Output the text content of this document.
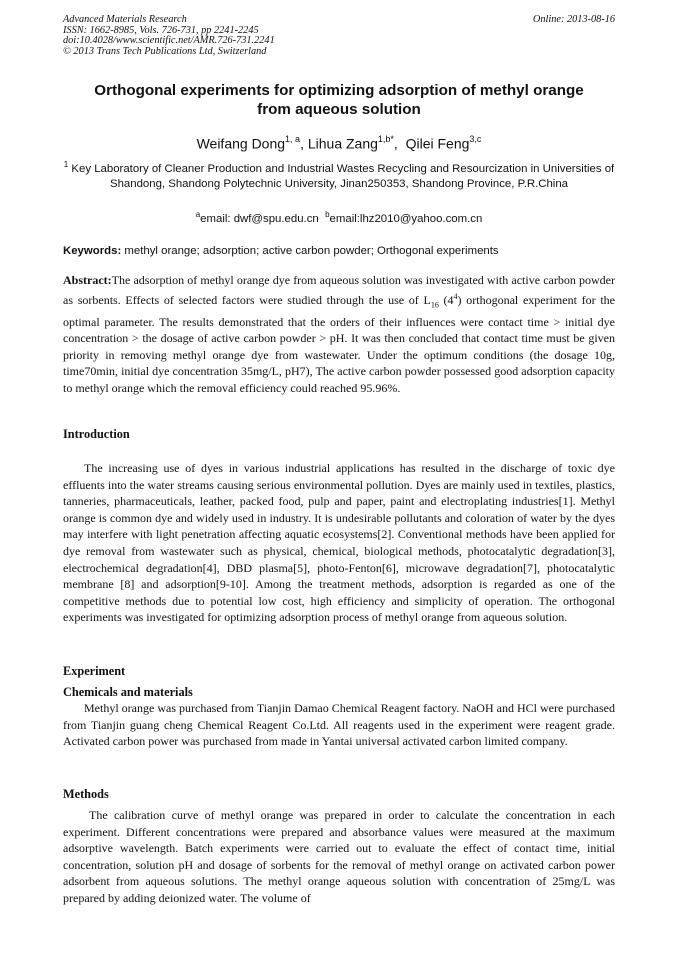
Advanced Materials Research
ISSN: 1662-8985, Vols. 726-731, pp 2241-2245
doi:10.4028/www.scientific.net/AMR.726-731.2241
© 2013 Trans Tech Publications Ltd, Switzerland
Online: 2013-08-16
Orthogonal experiments for optimizing adsorption of methyl orange
from aqueous solution
Weifang Dong$^{1, a}$, Lihua Zang$^{1,b*}$,  Qilei Feng$^{3,c}$
$^1$ Key Laboratory of Cleaner Production and Industrial Wastes Recycling and Resourcization in Universities of Shandong, Shandong Polytechnic University, Jinan250353, Shandong Province, P.R.China
$^a$email: dwf@spu.edu.cn $^b$email:lhz2010@yahoo.com.cn
Keywords: methyl orange; adsorption; active carbon powder; Orthogonal experiments

Abstract:The adsorption of methyl orange dye from aqueous solution was investigated with active carbon powder as sorbents. Effects of selected factors were studied through the use of $L_{16}$ $(4^4)$ orthogonal experiment for the optimal parameter. The results demonstrated that the orders of their influences were contact time > initial dye concentration > the dosage of active carbon powder > pH. It was then concluded that contact time must be given priority in removing methyl orange dye from wastewater. Under the optimum conditions (the dosage 10g, time70min, initial dye concentration 35mg/L, pH7), The active carbon powder possessed good adsorption capacity to methyl orange which the removal efficiency could reached 95.96%.

Introduction

The increasing use of dyes in various industrial applications has resulted in the discharge of toxic dye effluents into the water streams causing serious environmental pollution. Dyes are mainly used in textiles, plastics, tanneries, pharmaceuticals, leather, packed food, pulp and paper, paint and electroplating industries[1]. Methyl orange is common dye and widely used in industry. It is undesirable pollutants and coloration of water by the dyes may interfere with light penetration affecting aquatic ecosystems[2]. Conventional methods have been applied for dye removal from wastewater such as physical, chemical, biological methods, photocatalytic degradation[3], electrochemical degradation[4], DBD plasma[5], photo-Fenton[6], microwave degradation[7], photocatalytic membrane [8] and adsorption[9-10]. Among the treatment methods, adsorption is regarded as one of the competitive methods due to potential low cost, high efficiency and simplicity of operation. The orthogonal experiments was investigated for optimizing adsorption process of methyl orange from aqueous solution.

Experiment
Chemicals and materials

Methyl orange was purchased from Tianjin Damao Chemical Reagent factory. NaOH and HCl were purchased from Tianjin guang cheng Chemical Reagent Co.Ltd. All reagents used in the experiment were reagent grade. Activated carbon power was purchased from made in Yantai universal activated carbon limited company.

Methods

The calibration curve of methyl orange was prepared in order to calculate the concentration in each experiment. Different concentrations were prepared and absorbance values were measured at the maximum adsorptive wavelength. Batch experiments were carried out to evaluate the effect of contact time, initial concentration, solution pH and dosage of sorbents for the removal of methyl orange on activated carbon power adsorbent from aqueous solutions. The methyl orange aqueous solution with concentration of 25mg/L was prepared by adding deionized water. The volume of
